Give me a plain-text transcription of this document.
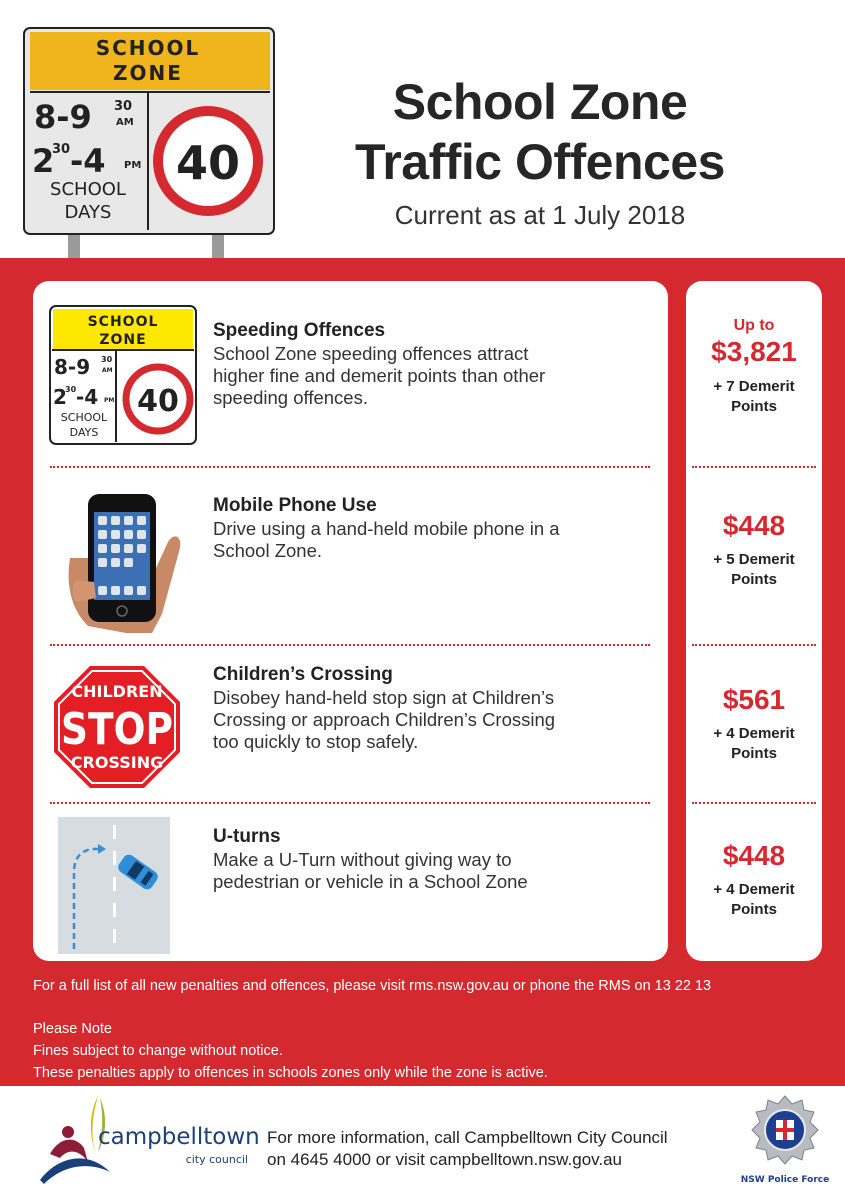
SCHOOL
ZONE
8-9 30
AM
2
30 -4 PM
SCHOOL
DAYS
40
School Zone
Traffic Offences
Current as at 1 July 2018
SCHOOL
ZONE
8-9 30
AM
2
30 -4 PM
SCHOOL
DAYS
40
Speeding Offences
School Zone speeding offences attract
higher fine and demerit points than other
speeding offences.
Up to
$3,821
+ 7 Demerit
Points
Mobile Phone Use
Drive using a hand-held mobile phone in a
School Zone.
$448
+ 5 Demerit
Points
CHILDREN
STOP
CROSSING
Children’s Crossing
Disobey hand-held stop sign at Children’s
Crossing or approach Children’s Crossing
too quickly to stop safely.
$561
+ 4 Demerit
Points
U-turns
Make a U-Turn without giving way to
pedestrian or vehicle in a School Zone
$448
+ 4 Demerit
Points
For a full list of all new penalties and offences, please visit rms.nsw.gov.au or phone the RMS on 13 22 13
Please Note
Fines subject to change without notice.
These penalties apply to offences in schools zones only while the zone is active.
campbelltown
city council
For more information, call Campbelltown City Council
on 4645 4000 or visit campbelltown.nsw.gov.au
NSW Police Force
